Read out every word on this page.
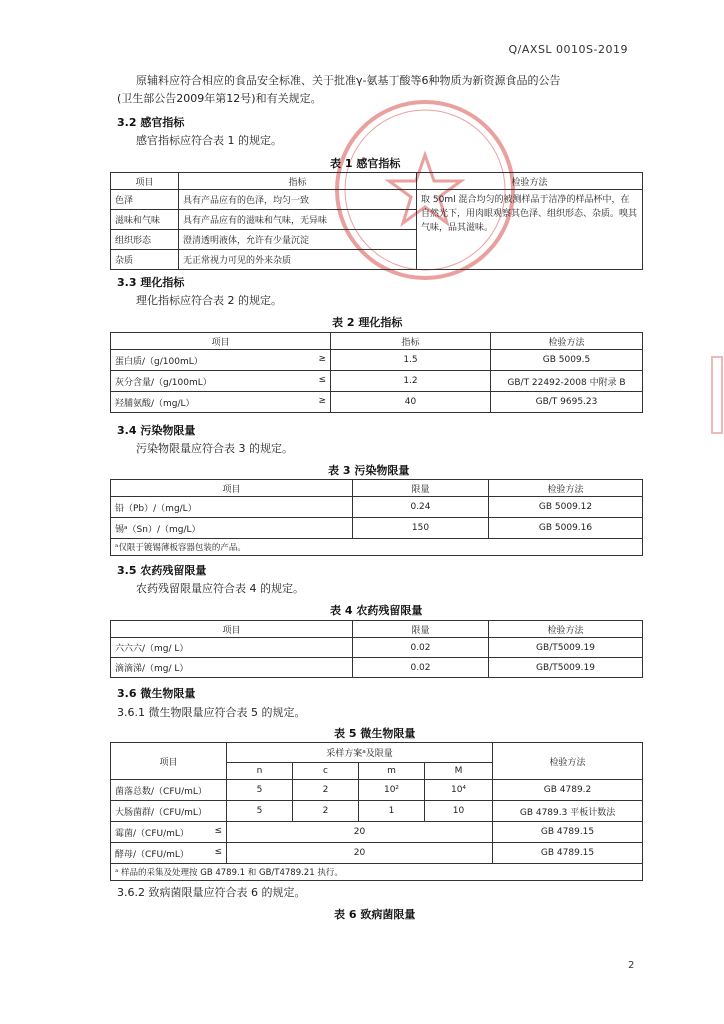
Q/AXSL 0010S-2019

原辅料应符合相应的食品安全标准、关于批准γ-氨基丁酸等6种物质为新资源食品的公告

(卫生部公告2009年第12号)和有关规定。

3.2 感官指标

感官指标应符合表 1 的规定。

表 1 感官指标

项目	指标	检验方法
色泽	具有产品应有的色泽，均匀一致	取 50ml 混合均匀的被测样品于洁净的样品杯中，在自然光下，用肉眼观察其色泽、组织形态、杂质。嗅其气味，品其滋味。
滋味和气味	具有产品应有的滋味和气味，无异味	
组织形态	澄清透明液体，允许有少量沉淀	
杂质	无正常视力可见的外来杂质	

3.3 理化指标

理化指标应符合表 2 的规定。

表 2 理化指标

项目	指标	检验方法
蛋白质/（g/100mL） ≥	1.5	GB 5009.5
灰分含量/（g/100mL） ≤	1.2	GB/T 22492-2008 中附录 B
羟脯氨酸/（mg/L） ≥	40	GB/T 9695.23

3.4 污染物限量

污染物限量应符合表 3 的规定。

表 3 污染物限量

项目	限量	检验方法
铅（Pb）/（mg/L）	0.24	GB 5009.12
锡ᵃ（Sn）/（mg/L）	150	GB 5009.16
ᵃ仅限于镀锡薄板容器包装的产品。		

3.5 农药残留限量

农药残留限量应符合表 4 的规定。

表 4 农药残留限量

项目	限量	检验方法
六六六/（mg/ L）	0.02	GB/T5009.19
滴滴涕/（mg/ L）	0.02	GB/T5009.19

3.6 微生物限量

3.6.1 微生物限量应符合表 5 的规定。

表 5 微生物限量

项目	采样方案ᵃ及限量				检验方法
	n	c	m	M	
菌落总数/（CFU/mL）	5	2	10²	10⁴	GB 4789.2
大肠菌群/（CFU/mL）	5	2	1	10	GB 4789.3 平板计数法
霉菌/（CFU/mL） ≤	20				GB 4789.15
酵母/（CFU/mL） ≤	20				GB 4789.15
ᵃ 样品的采集及处理按 GB 4789.1 和 GB/T4789.21 执行。					

3.6.2 致病菌限量应符合表 6 的规定。

表 6 致病菌限量

2
